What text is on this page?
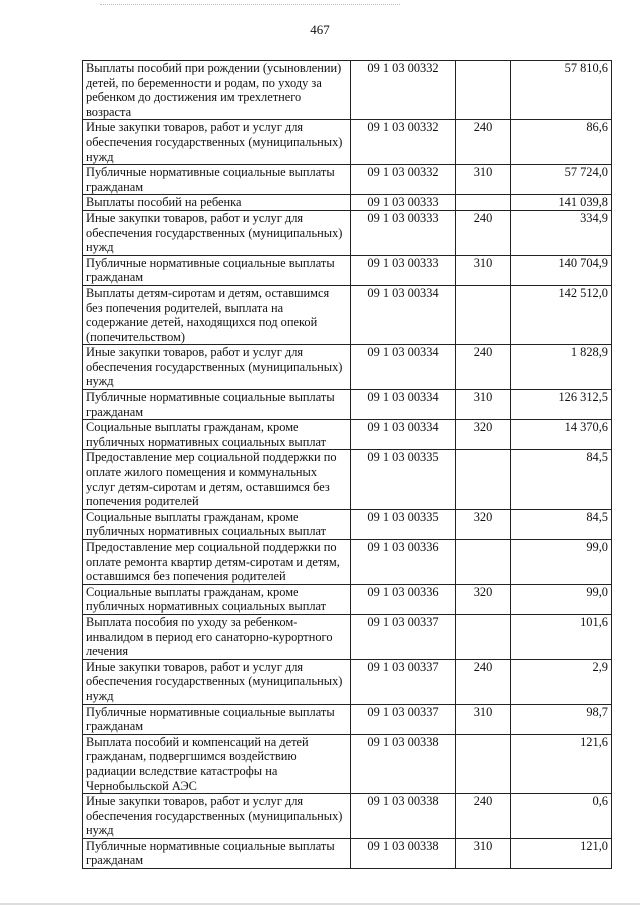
467
Выплаты пособий при рождении (усыновлении) детей, по беременности и родам, по уходу за ребенком до достижения им трехлетнего возраста	09 1 03 00332		57 810,6
Иные закупки товаров, работ и услуг для обеспечения государственных (муниципальных) нужд	09 1 03 00332	240	86,6
Публичные нормативные социальные выплаты гражданам	09 1 03 00332	310	57 724,0
Выплаты пособий на ребенка	09 1 03 00333		141 039,8
Иные закупки товаров, работ и услуг для обеспечения государственных (муниципальных) нужд	09 1 03 00333	240	334,9
Публичные нормативные социальные выплаты гражданам	09 1 03 00333	310	140 704,9
Выплаты детям-сиротам и детям, оставшимся без попечения родителей, выплата на содержание детей, находящихся под опекой (попечительством)	09 1 03 00334		142 512,0
Иные закупки товаров, работ и услуг для обеспечения государственных (муниципальных) нужд	09 1 03 00334	240	1 828,9
Публичные нормативные социальные выплаты гражданам	09 1 03 00334	310	126 312,5
Социальные выплаты гражданам, кроме публичных нормативных социальных выплат	09 1 03 00334	320	14 370,6
Предоставление мер социальной поддержки по оплате жилого помещения и коммунальных услуг детям-сиротам и детям, оставшимся без попечения родителей	09 1 03 00335		84,5
Социальные выплаты гражданам, кроме публичных нормативных социальных выплат	09 1 03 00335	320	84,5
Предоставление мер социальной поддержки по оплате ремонта квартир детям-сиротам и детям, оставшимся без попечения родителей	09 1 03 00336		99,0
Социальные выплаты гражданам, кроме публичных нормативных социальных выплат	09 1 03 00336	320	99,0
Выплата пособия по уходу за ребенком-инвалидом в период его санаторно-курортного лечения	09 1 03 00337		101,6
Иные закупки товаров, работ и услуг для обеспечения государственных (муниципальных) нужд	09 1 03 00337	240	2,9
Публичные нормативные социальные выплаты гражданам	09 1 03 00337	310	98,7
Выплата пособий и компенсаций на детей гражданам, подвергшимся воздействию радиации вследствие катастрофы на Чернобыльской АЭС	09 1 03 00338		121,6
Иные закупки товаров, работ и услуг для обеспечения государственных (муниципальных) нужд	09 1 03 00338	240	0,6
Публичные нормативные социальные выплаты гражданам	09 1 03 00338	310	121,0
